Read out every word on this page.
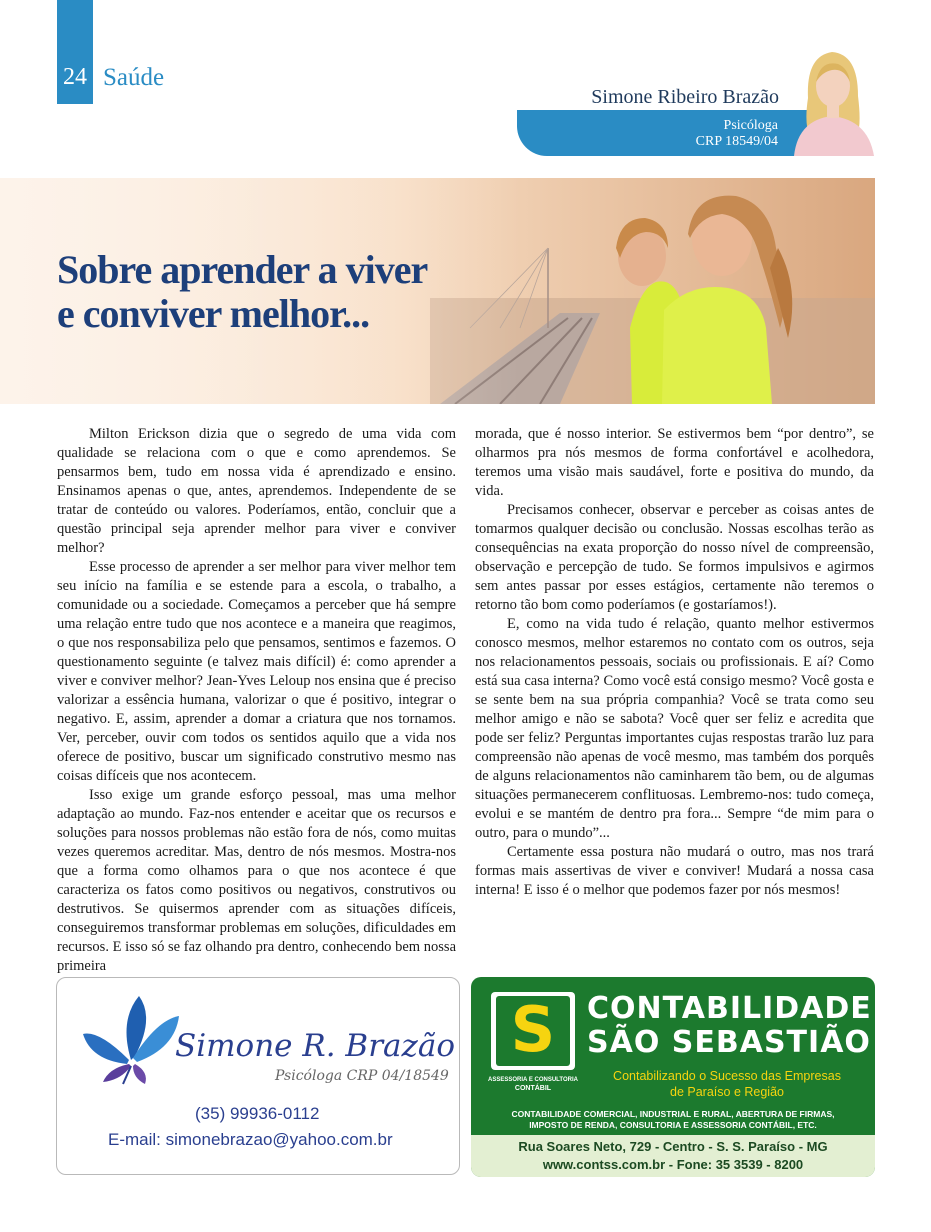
24 Saúde
Simone Ribeiro Brazão
Psicóloga
CRP 18549/04
Sobre aprender a viver
e conviver melhor...

Milton Erickson dizia que o segredo de uma vida com qualidade se relaciona com o que e como aprendemos. Se pensarmos bem, tudo em nossa vida é aprendizado e ensino. Ensinamos apenas o que, antes, aprendemos. Independente de se tratar de conteúdo ou valores. Poderíamos, então, concluir que a questão principal seja aprender melhor para viver e conviver melhor?

Esse processo de aprender a ser melhor para viver melhor tem seu início na família e se estende para a escola, o trabalho, a comunidade ou a sociedade. Começamos a perceber que há sempre uma relação entre tudo que nos acontece e a maneira que reagimos, o que nos responsabiliza pelo que pensamos, sentimos e fazemos. O questionamento seguinte (e talvez mais difícil) é: como aprender a viver e conviver melhor? Jean-Yves Leloup nos ensina que é preciso valorizar a essência humana, valorizar o que é positivo, integrar o negativo. E, assim, aprender a domar a criatura que nos tornamos. Ver, perceber, ouvir com todos os sentidos aquilo que a vida nos oferece de positivo, buscar um significado construtivo mesmo nas coisas difíceis que nos acontecem.

Isso exige um grande esforço pessoal, mas uma melhor adaptação ao mundo. Faz-nos entender e aceitar que os recursos e soluções para nossos problemas não estão fora de nós, como muitas vezes queremos acreditar. Mas, dentro de nós mesmos. Mostra-nos que a forma como olhamos para o que nos acontece é que caracteriza os fatos como positivos ou negativos, construtivos ou destrutivos. Se quisermos aprender com as situações difíceis, conseguiremos transformar problemas em soluções, dificuldades em recursos. E isso só se faz olhando pra dentro, conhecendo bem nossa primeira

morada, que é nosso interior. Se estivermos bem “por dentro”, se olharmos pra nós mesmos de forma confortável e acolhedora, teremos uma visão mais saudável, forte e positiva do mundo, da vida.

Precisamos conhecer, observar e perceber as coisas antes de tomarmos qualquer decisão ou conclusão. Nossas escolhas terão as consequências na exata proporção do nosso nível de compreensão, observação e percepção de tudo. Se formos impulsivos e agirmos sem antes passar por esses estágios, certamente não teremos o retorno tão bom como poderíamos (e gostaríamos!).

E, como na vida tudo é relação, quanto melhor estivermos conosco mesmos, melhor estaremos no contato com os outros, seja nos relacionamentos pessoais, sociais ou profissionais. E aí? Como está sua casa interna? Como você está consigo mesmo? Você gosta e se sente bem na sua própria companhia? Você se trata como seu melhor amigo e não se sabota? Você quer ser feliz e acredita que pode ser feliz? Perguntas importantes cujas respostas trarão luz para compreensão não apenas de você mesmo, mas também dos porquês de alguns relacionamentos não caminharem tão bem, ou de algumas situações permanecerem conflituosas. Lembremo-nos: tudo começa, evolui e se mantém de dentro pra fora... Sempre “de mim para o outro, para o mundo”...

Certamente essa postura não mudará o outro, mas nos trará formas mais assertivas de viver e conviver! Mudará a nossa casa interna! E isso é o melhor que podemos fazer por nós mesmos!

Simone R. Brazão
Psicóloga CRP 04/18549
(35) 99936-0112
E-mail: simonebrazao@yahoo.com.br
S
ASSESSORIA E CONSULTORIA
CONTÁBIL
CONTABILIDADE
SÃO SEBASTIÃO
Contabilizando o Sucesso das Empresas
de Paraíso e Região
CONTABILIDADE COMERCIAL, INDUSTRIAL E RURAL, ABERTURA DE FIRMAS,
IMPOSTO DE RENDA, CONSULTORIA E ASSESSORIA CONTÁBIL, ETC.
Rua Soares Neto, 729 - Centro - S. S. Paraíso - MG
www.contss.com.br - Fone: 35 3539 - 8200
